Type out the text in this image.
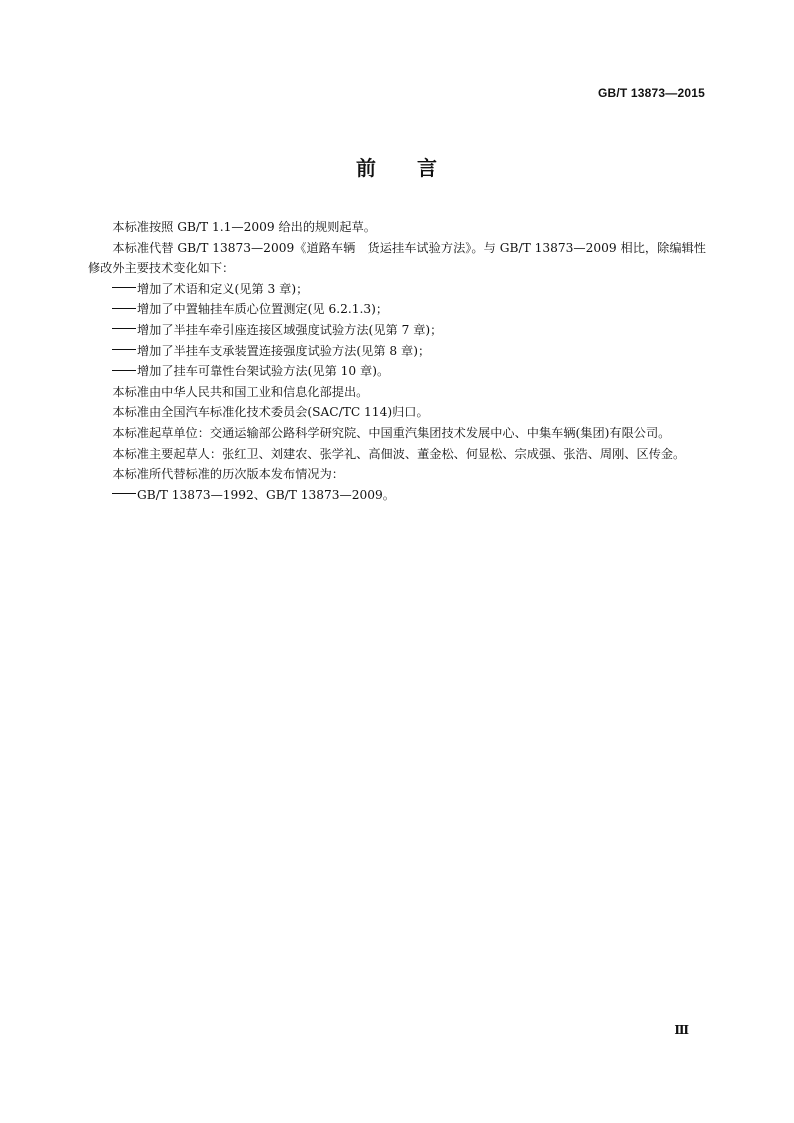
GB/T 13873—2015
前 言

本标准按照 GB/T 1.1—2009 给出的规则起草。

本标准代替 GB/T 13873—2009《道路车辆　货运挂车试验方法》。与 GB/T 13873—2009 相比，除编辑性修改外主要技术变化如下：

增加了术语和定义(见第 3 章)；

增加了中置轴挂车质心位置测定(见 6.2.1.3)；

增加了半挂车牵引座连接区域强度试验方法(见第 7 章)；

增加了半挂车支承装置连接强度试验方法(见第 8 章)；

增加了挂车可靠性台架试验方法(见第 10 章)。

本标准由中华人民共和国工业和信息化部提出。

本标准由全国汽车标准化技术委员会(SAC/TC 114)归口。

本标准起草单位：交通运输部公路科学研究院、中国重汽集团技术发展中心、中集车辆(集团)有限公司。

本标准主要起草人：张红卫、刘建农、张学礼、高佃波、董金松、何显松、宗成强、张浩、周刚、区传金。

本标准所代替标准的历次版本发布情况为：

GB/T 13873—1992、GB/T 13873—2009。

Ⅲ
